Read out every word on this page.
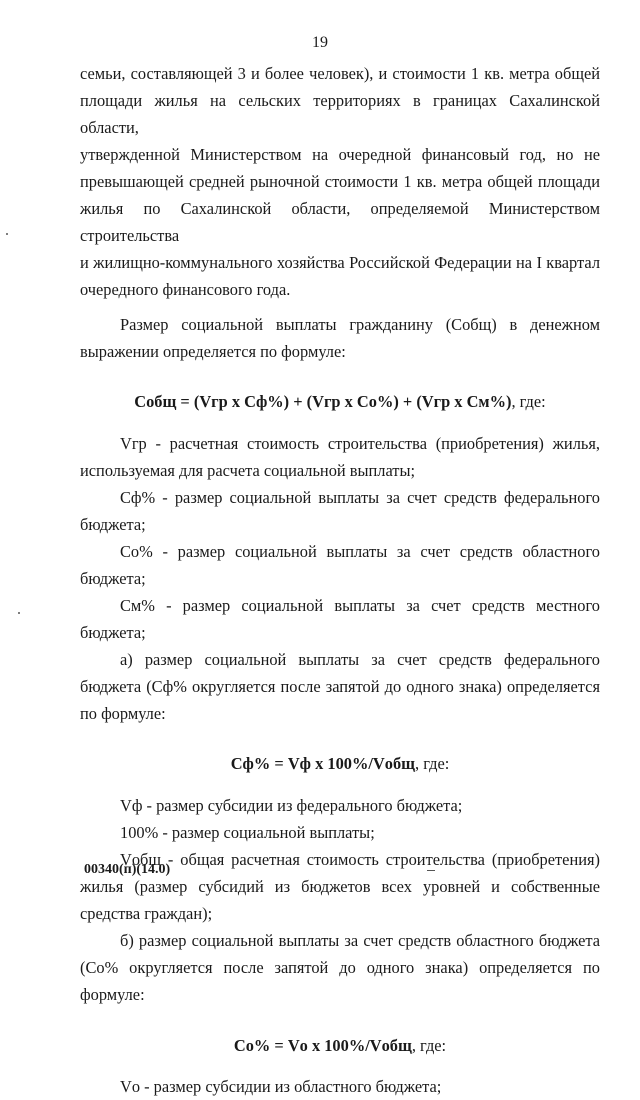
19

семьи, составляющей 3 и более человек), и стоимости 1 кв. метра общей

площади жилья на сельских территориях в границах Сахалинской области,

утвержденной Министерством на очередной финансовый год, но не

превышающей средней рыночной стоимости 1 кв. метра общей площади

жилья по Сахалинской области, определяемой Министерством строительства

и жилищно-коммунального хозяйства Российской Федерации на I квартал

очередного финансового года.

Размер социальной выплаты гражданину (Собщ) в денежном выражении определяется по формуле:

Собщ = (Vгр х Сф%) + (Vгр х Со%) + (Vгр х См%), где:

Vгр - расчетная стоимость строительства (приобретения) жилья, используемая для расчета социальной выплаты;

Сф% - размер социальной выплаты за счет средств федерального бюджета;

Со% - размер социальной выплаты за счет средств областного бюджета;

См% - размер социальной выплаты за счет средств местного бюджета;

а) размер социальной выплаты за счет средств федерального бюджета (Сф% округляется после запятой до одного знака) определяется по формуле:

Сф% = Vф х 100%/Vобщ, где:

Vф - размер субсидии из федерального бюджета;

100% - размер социальной выплаты;

Vобщ - общая расчетная стоимость строительства (приобретения) жилья (размер субсидий из бюджетов всех уровней и собственные средства граждан);

б) размер социальной выплаты за счет средств областного бюджета (Со% округляется после запятой до одного знака) определяется по формуле:

Со% = Vо х 100%/Vобщ, где:

Vо - размер субсидии из областного бюджета;

00340(п)(14.0)
